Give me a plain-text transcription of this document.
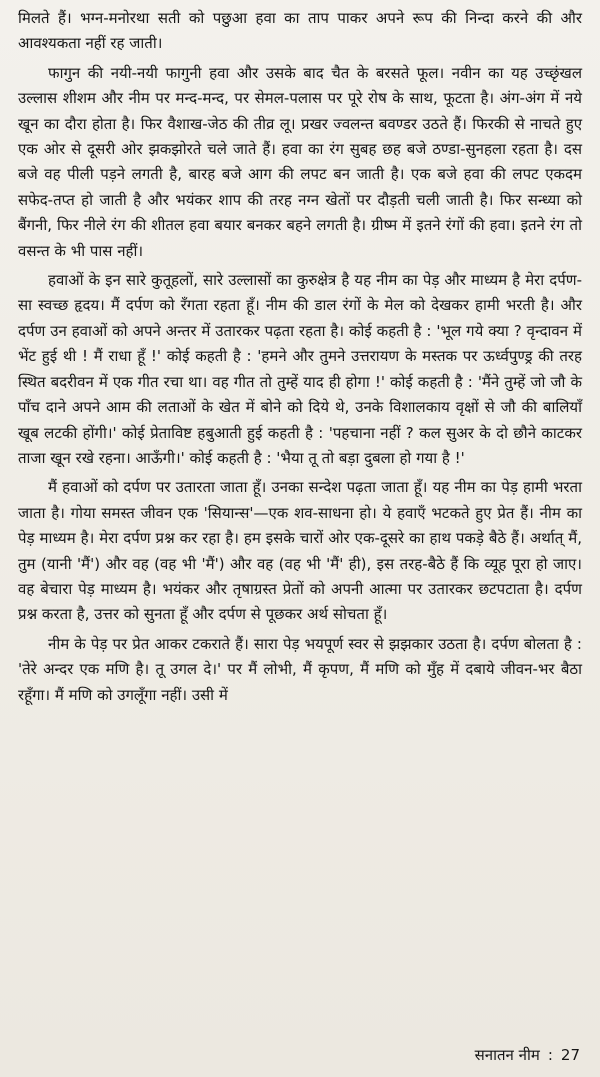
मिलते हैं। भग्न-मनोरथा सती को पछुआ हवा का ताप पाकर अपने रूप की निन्दा करने की और आवश्यकता नहीं रह जाती।

फागुन की नयी-नयी फागुनी हवा और उसके बाद चैत के बरसते फूल। नवीन का यह उच्छृंखल उल्लास शीशम और नीम पर मन्द-मन्द, पर सेमल-पलास पर पूरे रोष के साथ, फूटता है। अंग-अंग में नये खून का दौरा होता है। फिर वैशाख-जेठ की तीव्र लू। प्रखर ज्वलन्त बवण्डर उठते हैं। फिरकी से नाचते हुए एक ओर से दूसरी ओर झकझोरते चले जाते हैं। हवा का रंग सुबह छह बजे ठण्डा-सुनहला रहता है। दस बजे वह पीली पड़ने लगती है, बारह बजे आग की लपट बन जाती है। एक बजे हवा की लपट एकदम सफेद-तप्त हो जाती है और भयंकर शाप की तरह नग्न खेतों पर दौड़ती चली जाती है। फिर सन्ध्या को बैंगनी, फिर नीले रंग की शीतल हवा बयार बनकर बहने लगती है। ग्रीष्म में इतने रंगों की हवा। इतने रंग तो वसन्त के भी पास नहीं।

हवाओं के इन सारे कुतूहलों, सारे उल्लासों का कुरुक्षेत्र है यह नीम का पेड़ और माध्यम है मेरा दर्पण-सा स्वच्छ हृदय। मैं दर्पण को रँगता रहता हूँ। नीम की डाल रंगों के मेल को देखकर हामी भरती है। और दर्पण उन हवाओं को अपने अन्तर में उतारकर पढ़ता रहता है। कोई कहती है : 'भूल गये क्या ? वृन्दावन में भेंट हुई थी ! मैं राधा हूँ !' कोई कहती है : 'हमने और तुमने उत्तरायण के मस्तक पर ऊर्ध्वपुण्ड्र की तरह स्थित बदरीवन में एक गीत रचा था। वह गीत तो तुम्हें याद ही होगा !' कोई कहती है : 'मैंने तुम्हें जो जौ के पाँच दाने अपने आम की लताओं के खेत में बोने को दिये थे, उनके विशालकाय वृक्षों से जौ की बालियाँ खूब लटकी होंगी।' कोई प्रेताविष्ट हबुआती हुई कहती है : 'पहचाना नहीं ? कल सुअर के दो छौने काटकर ताजा खून रखे रहना। आऊँगी।' कोई कहती है : 'भैया तू तो बड़ा दुबला हो गया है !'

मैं हवाओं को दर्पण पर उतारता जाता हूँ। उनका सन्देश पढ़ता जाता हूँ। यह नीम का पेड़ हामी भरता जाता है। गोया समस्त जीवन एक 'सियान्स'—एक शव-साधना हो। ये हवाएँ भटकते हुए प्रेत हैं। नीम का पेड़ माध्यम है। मेरा दर्पण प्रश्न कर रहा है। हम इसके चारों ओर एक-दूसरे का हाथ पकड़े बैठे हैं। अर्थात् मैं, तुम (यानी 'मैं') और वह (वह भी 'मैं') और वह (वह भी 'मैं' ही), इस तरह-बैठे हैं कि व्यूह पूरा हो जाए। वह बेचारा पेड़ माध्यम है। भयंकर और तृषाग्रस्त प्रेतों को अपनी आत्मा पर उतारकर छटपटाता है। दर्पण प्रश्न करता है, उत्तर को सुनता हूँ और दर्पण से पूछकर अर्थ सोचता हूँ।

नीम के पेड़ पर प्रेत आकर टकराते हैं। सारा पेड़ भयपूर्ण स्वर से झझकार उठता है। दर्पण बोलता है : 'तेरे अन्दर एक मणि है। तू उगल दे।' पर मैं लोभी, मैं कृपण, मैं मणि को मुँह में दबाये जीवन-भर बैठा रहूँगा। मैं मणि को उगलूँगा नहीं। उसी में

सनातन नीम : 27
